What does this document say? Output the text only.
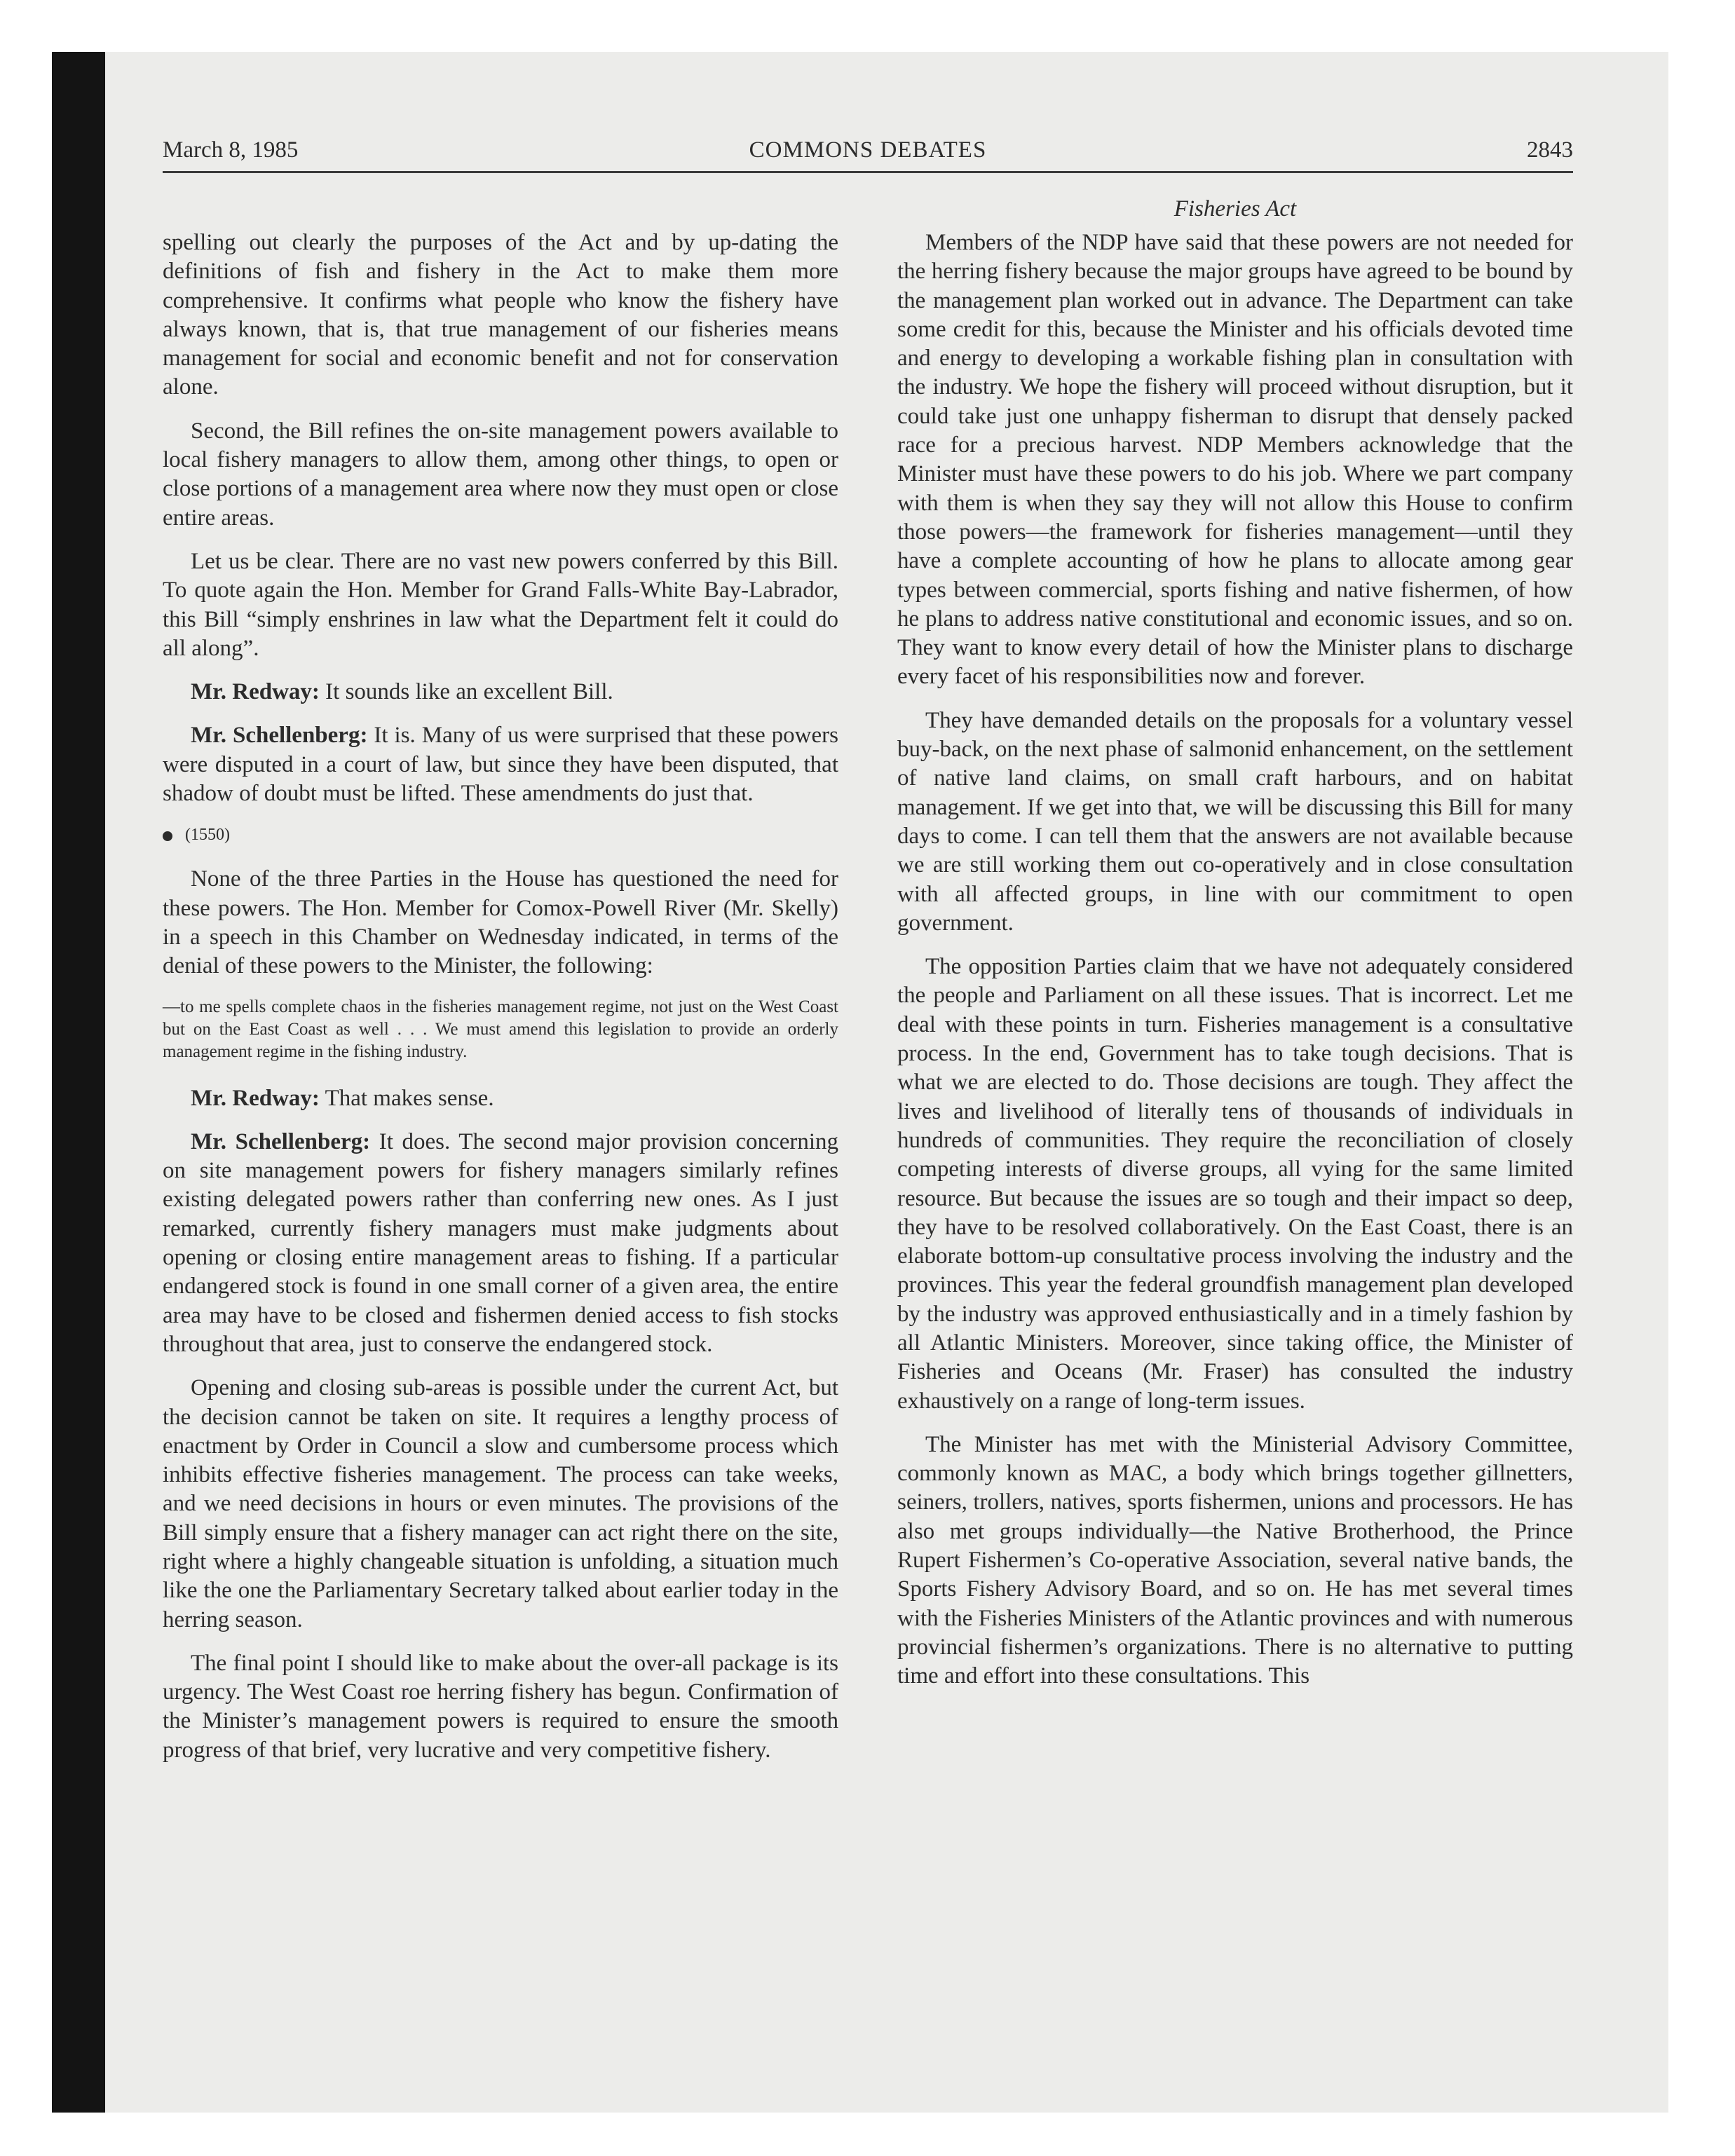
March 8, 1985	COMMONS DEBATES	2843
Fisheries Act

spelling out clearly the purposes of the Act and by up-dating the definitions of fish and fishery in the Act to make them more comprehensive. It confirms what people who know the fishery have always known, that is, that true management of our fisheries means management for social and economic benefit and not for conservation alone.

Second, the Bill refines the on-site management powers available to local fishery managers to allow them, among other things, to open or close portions of a management area where now they must open or close entire areas.

Let us be clear. There are no vast new powers conferred by this Bill. To quote again the Hon. Member for Grand Falls-White Bay-Labrador, this Bill “simply enshrines in law what the Department felt it could do all along”.

Mr. Redway: It sounds like an excellent Bill.

Mr. Schellenberg: It is. Many of us were surprised that these powers were disputed in a court of law, but since they have been disputed, that shadow of doubt must be lifted. These amendments do just that.

(1550)

None of the three Parties in the House has questioned the need for these powers. The Hon. Member for Comox-Powell River (Mr. Skelly) in a speech in this Chamber on Wednesday indicated, in terms of the denial of these powers to the Minister, the following:

—to me spells complete chaos in the fisheries management regime, not just on the West Coast but on the East Coast as well . . . We must amend this legislation to provide an orderly management regime in the fishing industry.

Mr. Redway: That makes sense.

Mr. Schellenberg: It does. The second major provision concerning on site management powers for fishery managers similarly refines existing delegated powers rather than conferring new ones. As I just remarked, currently fishery managers must make judgments about opening or closing entire management areas to fishing. If a particular endangered stock is found in one small corner of a given area, the entire area may have to be closed and fishermen denied access to fish stocks throughout that area, just to conserve the endangered stock.

Opening and closing sub-areas is possible under the current Act, but the decision cannot be taken on site. It requires a lengthy process of enactment by Order in Council a slow and cumbersome process which inhibits effective fisheries management. The process can take weeks, and we need decisions in hours or even minutes. The provisions of the Bill simply ensure that a fishery manager can act right there on the site, right where a highly changeable situation is unfolding, a situation much like the one the Parliamentary Secretary talked about earlier today in the herring season.

The final point I should like to make about the over-all package is its urgency. The West Coast roe herring fishery has begun. Confirmation of the Minister’s management powers is required to ensure the smooth progress of that brief, very lucrative and very competitive fishery.

Members of the NDP have said that these powers are not needed for the herring fishery because the major groups have agreed to be bound by the management plan worked out in advance. The Department can take some credit for this, because the Minister and his officials devoted time and energy to developing a workable fishing plan in consultation with the industry. We hope the fishery will proceed without disruption, but it could take just one unhappy fisherman to disrupt that densely packed race for a precious harvest. NDP Members acknowledge that the Minister must have these powers to do his job. Where we part company with them is when they say they will not allow this House to confirm those powers—the framework for fisheries management—until they have a complete accounting of how he plans to allocate among gear types between commercial, sports fishing and native fishermen, of how he plans to address native constitutional and economic issues, and so on. They want to know every detail of how the Minister plans to discharge every facet of his responsibilities now and forever.

They have demanded details on the proposals for a voluntary vessel buy-back, on the next phase of salmonid enhancement, on the settlement of native land claims, on small craft harbours, and on habitat management. If we get into that, we will be discussing this Bill for many days to come. I can tell them that the answers are not available because we are still working them out co-operatively and in close consultation with all affected groups, in line with our commitment to open government.

The opposition Parties claim that we have not adequately considered the people and Parliament on all these issues. That is incorrect. Let me deal with these points in turn. Fisheries management is a consultative process. In the end, Government has to take tough decisions. That is what we are elected to do. Those decisions are tough. They affect the lives and livelihood of literally tens of thousands of individuals in hundreds of communities. They require the reconciliation of closely competing interests of diverse groups, all vying for the same limited resource. But because the issues are so tough and their impact so deep, they have to be resolved collaboratively. On the East Coast, there is an elaborate bottom-up consultative process involving the industry and the provinces. This year the federal groundfish management plan developed by the industry was approved enthusiastically and in a timely fashion by all Atlantic Ministers. Moreover, since taking office, the Minister of Fisheries and Oceans (Mr. Fraser) has consulted the industry exhaustively on a range of long-term issues.

The Minister has met with the Ministerial Advisory Committee, commonly known as MAC, a body which brings together gillnetters, seiners, trollers, natives, sports fishermen, unions and processors. He has also met groups individually—the Native Brotherhood, the Prince Rupert Fishermen’s Co-operative Association, several native bands, the Sports Fishery Advisory Board, and so on. He has met several times with the Fisheries Ministers of the Atlantic provinces and with numerous provincial fishermen’s organizations. There is no alternative to putting time and effort into these consultations. This
